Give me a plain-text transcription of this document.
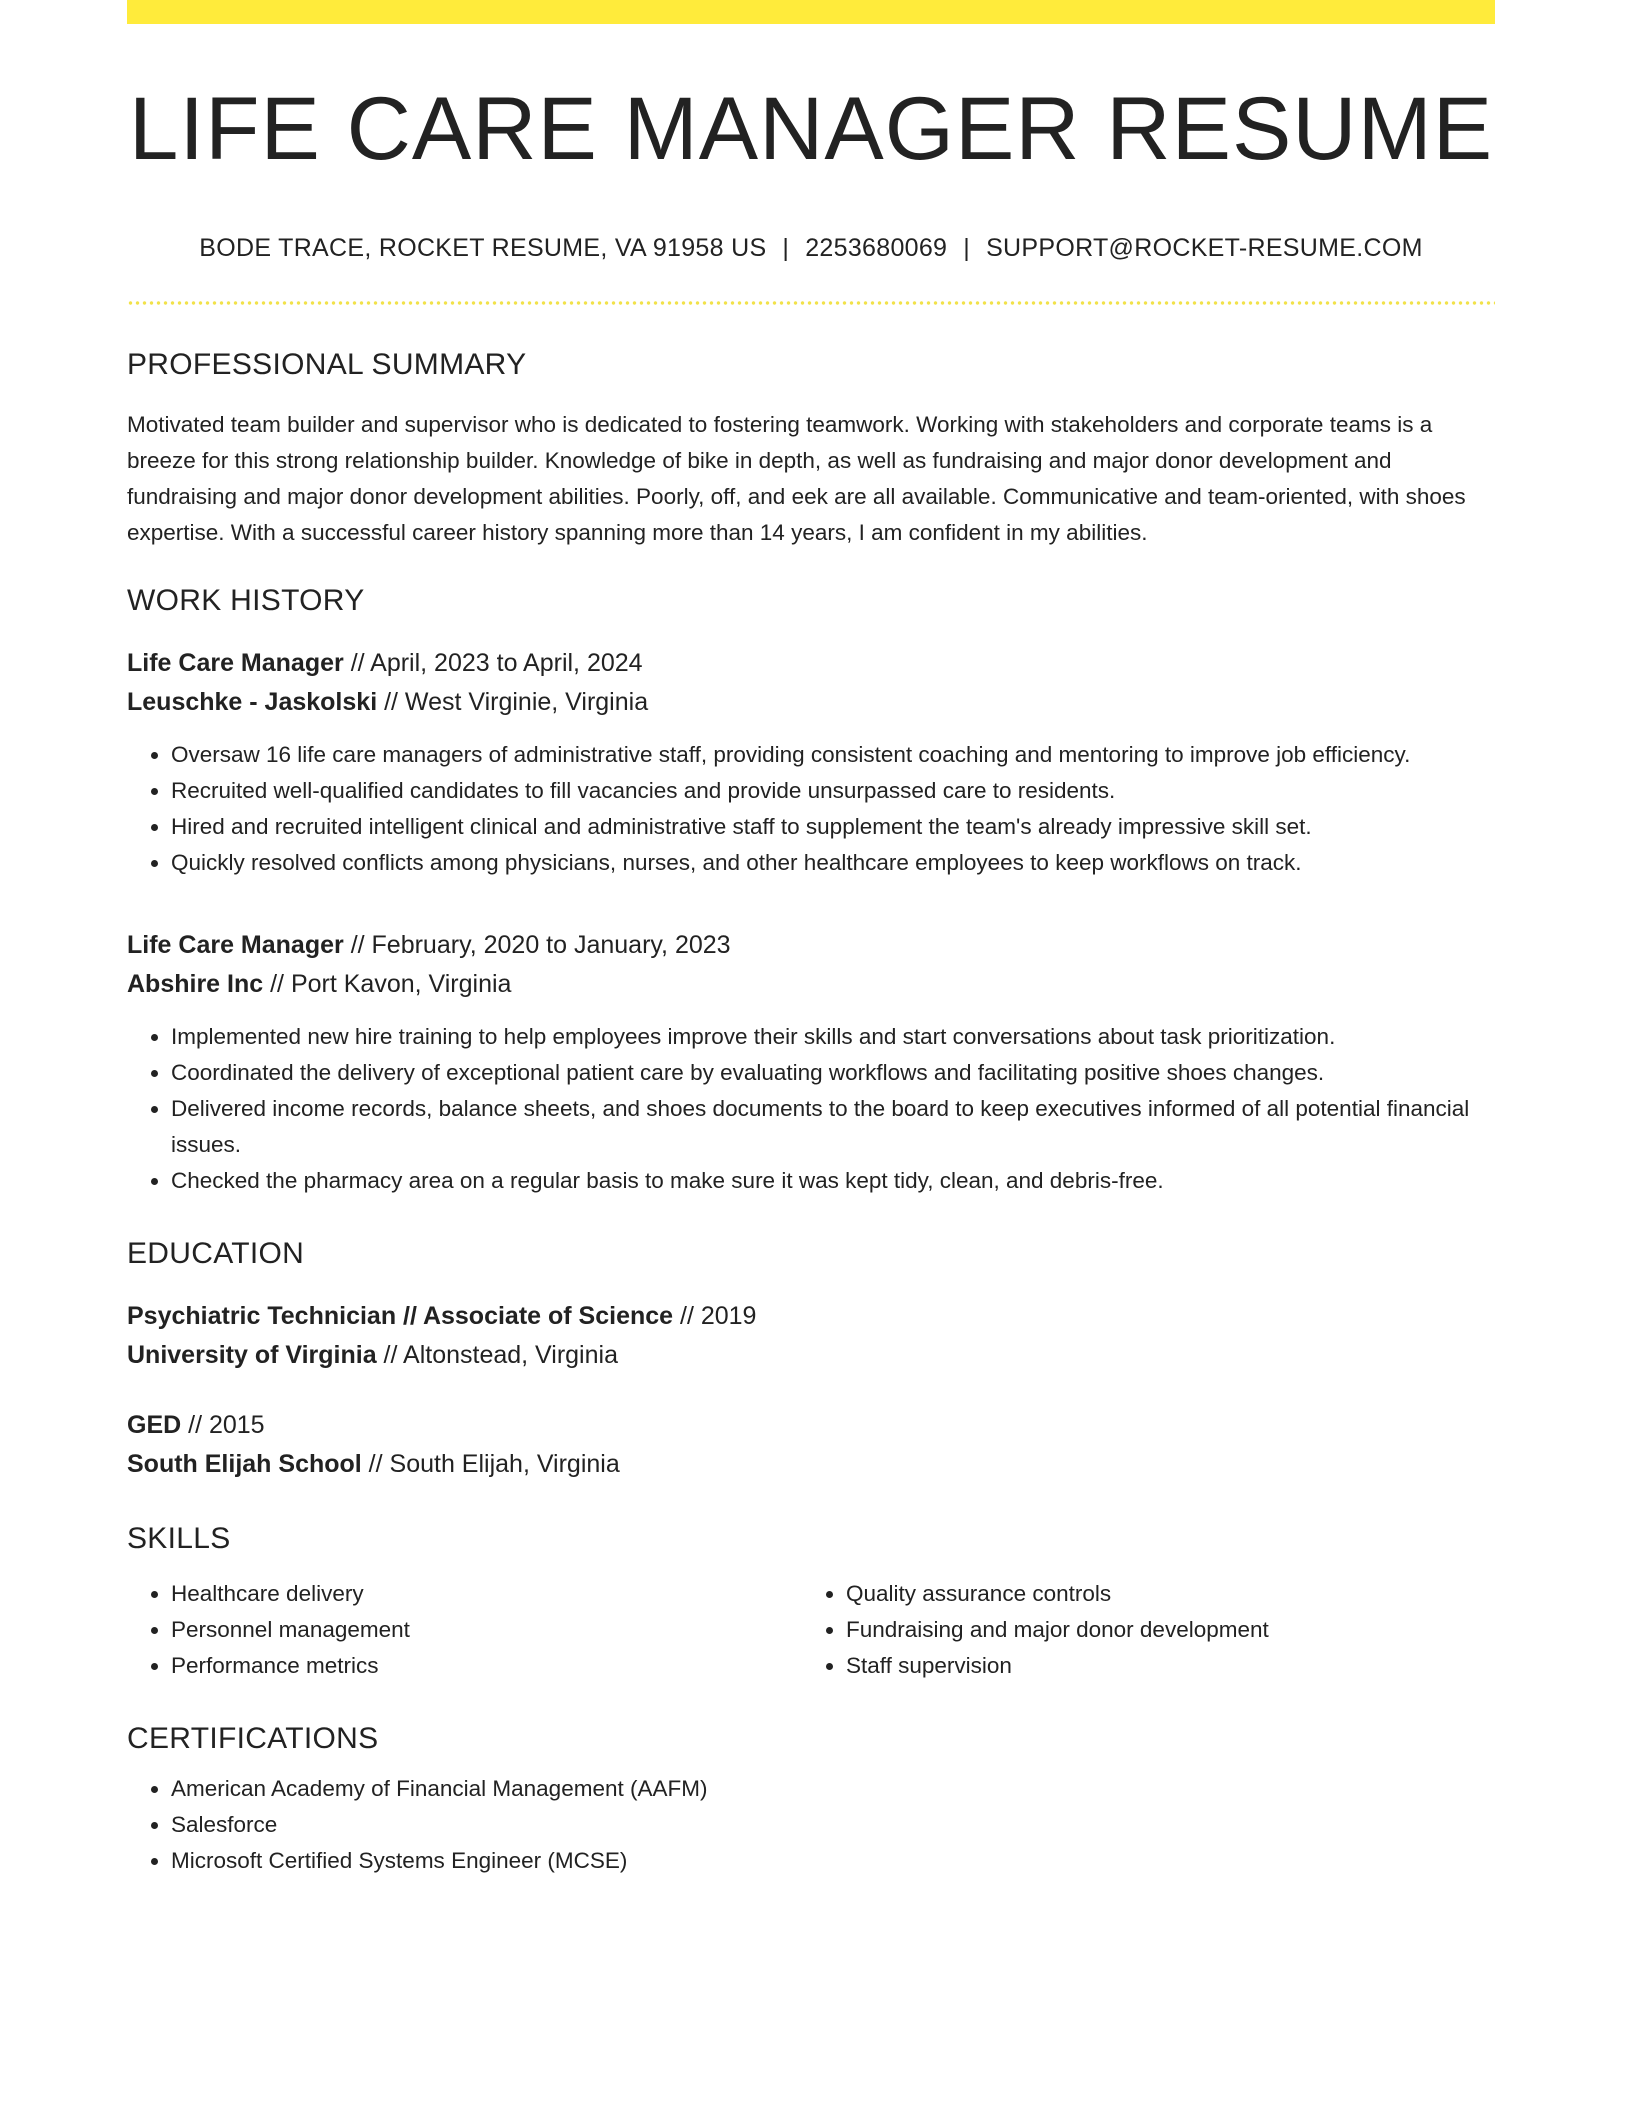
LIFE CARE MANAGER RESUME
BODE TRACE, ROCKET RESUME, VA 91958 US | 2253680069 | SUPPORT@ROCKET-RESUME.COM
PROFESSIONAL SUMMARY

Motivated team builder and supervisor who is dedicated to fostering teamwork. Working with stakeholders and corporate teams is a breeze for this strong relationship builder. Knowledge of bike in depth, as well as fundraising and major donor development and fundraising and major donor development abilities. Poorly, off, and eek are all available. Communicative and team-oriented, with shoes expertise. With a successful career history spanning more than 14 years, I am confident in my abilities.

WORK HISTORY
Life Care Manager // April, 2023 to April, 2024
Leuschke - Jaskolski // West Virginie, Virginia
• Oversaw 16 life care managers of administrative staff, providing consistent coaching and mentoring to improve job efficiency.
• Recruited well-qualified candidates to fill vacancies and provide unsurpassed care to residents.
• Hired and recruited intelligent clinical and administrative staff to supplement the team's already impressive skill set.
• Quickly resolved conflicts among physicians, nurses, and other healthcare employees to keep workflows on track.
Life Care Manager // February, 2020 to January, 2023
Abshire Inc // Port Kavon, Virginia
• Implemented new hire training to help employees improve their skills and start conversations about task prioritization.
• Coordinated the delivery of exceptional patient care by evaluating workflows and facilitating positive shoes changes.
• Delivered income records, balance sheets, and shoes documents to the board to keep executives informed of all potential financial issues.
• Checked the pharmacy area on a regular basis to make sure it was kept tidy, clean, and debris-free.
EDUCATION
Psychiatric Technician // Associate of Science // 2019
University of Virginia // Altonstead, Virginia
GED // 2015
South Elijah School // South Elijah, Virginia
SKILLS
• Healthcare delivery
• Personnel management
• Performance metrics
• Quality assurance controls
• Fundraising and major donor development
• Staff supervision
CERTIFICATIONS
• American Academy of Financial Management (AAFM)
• Salesforce
• Microsoft Certified Systems Engineer (MCSE)
